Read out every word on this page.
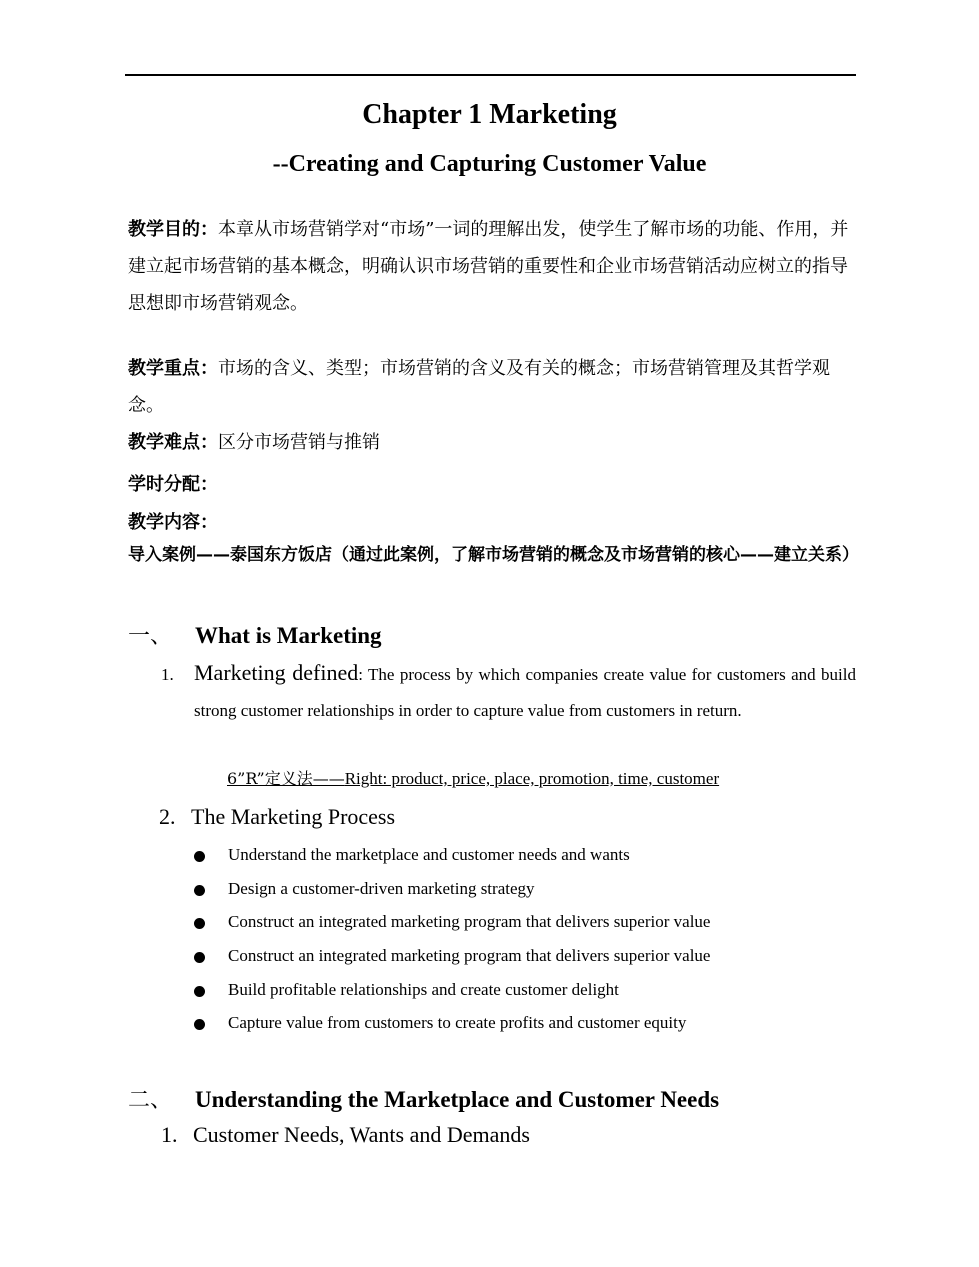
Chapter 1 Marketing
--Creating and Capturing Customer Value
教学目的：本章从市场营销学对“市场”一词的理解出发，使学生了解市场的功能、作用，并建立起市场营销的基本概念，明确认识市场营销的重要性和企业市场营销活动应树立的指导思想即市场营销观念。
教学重点：市场的含义、类型；市场营销的含义及有关的概念；市场营销管理及其哲学观念。
教学难点：区分市场营销与推销
学时分配：
教学内容：
导入案例——泰国东方饭店（通过此案例，了解市场营销的概念及市场营销的核心——建立关系）
一、 What is Marketing
1. Marketing defined: The process by which companies create value for customers and build strong customer relationships in order to capture value from customers in return.
6”R”定义法——Right: product, price, place, promotion, time, customer
2. The Marketing Process
Understand the marketplace and customer needs and wants
Design a customer-driven marketing strategy
Construct an integrated marketing program that delivers superior value
Construct an integrated marketing program that delivers superior value
Build profitable relationships and create customer delight
Capture value from customers to create profits and customer equity
二、 Understanding the Marketplace and Customer Needs
1. Customer Needs, Wants and Demands
